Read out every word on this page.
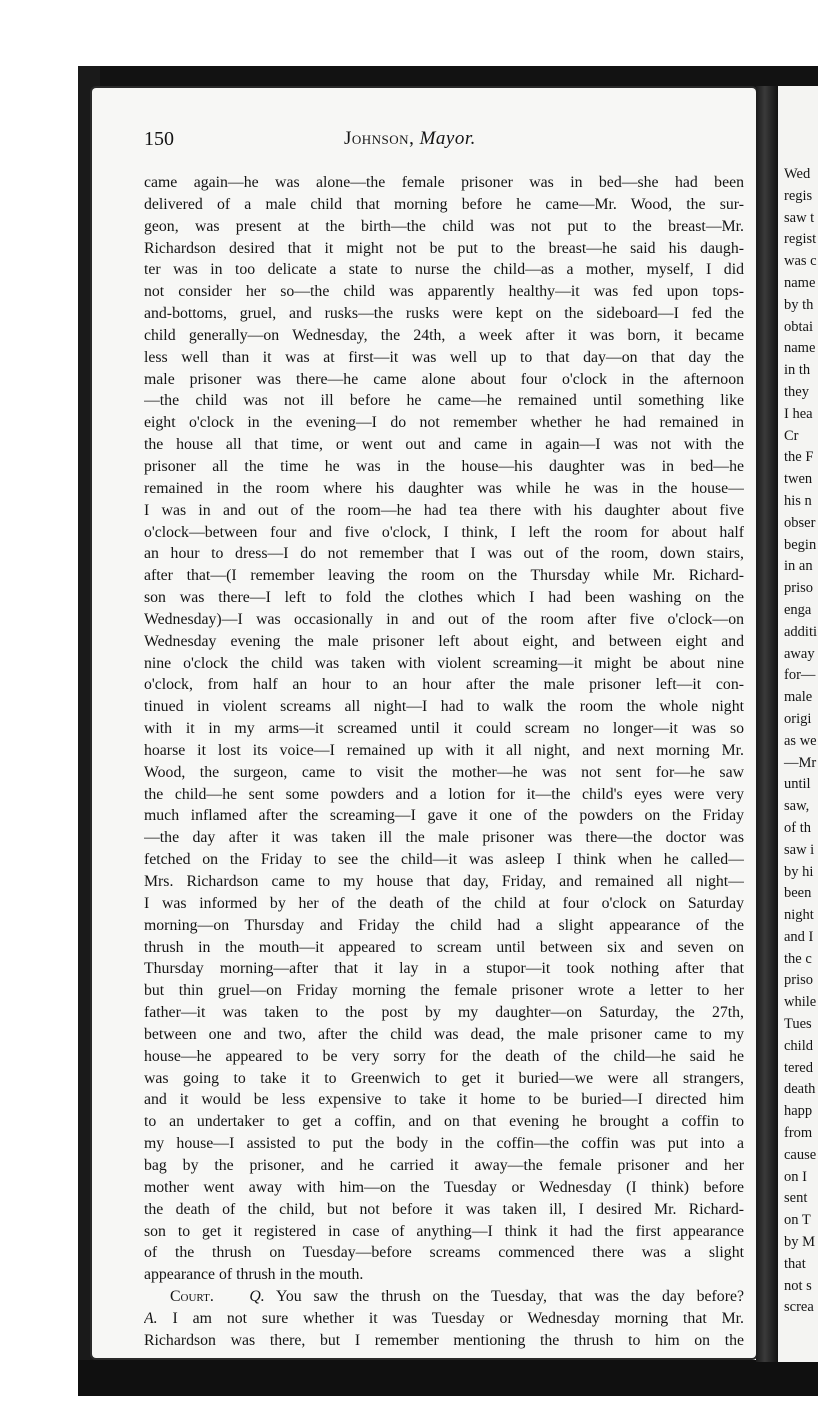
Wed
regis
saw t
regist
was c
name
by th
obtai
name
in th
they
I hea
Cr
the F
twen
his n
obser
begin
in an
priso
enga
additi
away
for—
male
origi
as we
—Mr
until
saw,
of th
saw i
by hi
been
night
and I
the c
priso
while
Tues
child
tered
death
happ
from
cause
on I
sent
on T
by M
that
not s
screa
150	Johnson, Mayor.
came again—he was alone—the female prisoner was in bed—she had been
delivered of a male child that morning before he came—Mr. Wood, the sur-
geon, was present at the birth—the child was not put to the breast—Mr.
Richardson desired that it might not be put to the breast—he said his daugh-
ter was in too delicate a state to nurse the child—as a mother, myself, I did
not consider her so—the child was apparently healthy—it was fed upon tops-
and-bottoms, gruel, and rusks—the rusks were kept on the sideboard—I fed the
child generally—on Wednesday, the 24th, a week after it was born, it became
less well than it was at first—it was well up to that day—on that day the
male prisoner was there—he came alone about four o'clock in the afternoon
—the child was not ill before he came—he remained until something like
eight o'clock in the evening—I do not remember whether he had remained in
the house all that time, or went out and came in again—I was not with the
prisoner all the time he was in the house—his daughter was in bed—he
remained in the room where his daughter was while he was in the house—
I was in and out of the room—he had tea there with his daughter about five
o'clock—between four and five o'clock, I think, I left the room for about half
an hour to dress—I do not remember that I was out of the room, down stairs,
after that—(I remember leaving the room on the Thursday while Mr. Richard-
son was there—I left to fold the clothes which I had been washing on the
Wednesday)—I was occasionally in and out of the room after five o'clock—on
Wednesday evening the male prisoner left about eight, and between eight and
nine o'clock the child was taken with violent screaming—it might be about nine
o'clock, from half an hour to an hour after the male prisoner left—it con-
tinued in violent screams all night—I had to walk the room the whole night
with it in my arms—it screamed until it could scream no longer—it was so
hoarse it lost its voice—I remained up with it all night, and next morning Mr.
Wood, the surgeon, came to visit the mother—he was not sent for—he saw
the child—he sent some powders and a lotion for it—the child's eyes were very
much inflamed after the screaming—I gave it one of the powders on the Friday
—the day after it was taken ill the male prisoner was there—the doctor was
fetched on the Friday to see the child—it was asleep I think when he called—
Mrs. Richardson came to my house that day, Friday, and remained all night—
I was informed by her of the death of the child at four o'clock on Saturday
morning—on Thursday and Friday the child had a slight appearance of the
thrush in the mouth—it appeared to scream until between six and seven on
Thursday morning—after that it lay in a stupor—it took nothing after that
but thin gruel—on Friday morning the female prisoner wrote a letter to her
father—it was taken to the post by my daughter—on Saturday, the 27th,
between one and two, after the child was dead, the male prisoner came to my
house—he appeared to be very sorry for the death of the child—he said he
was going to take it to Greenwich to get it buried—we were all strangers,
and it would be less expensive to take it home to be buried—I directed him
to an undertaker to get a coffin, and on that evening he brought a coffin to
my house—I assisted to put the body in the coffin—the coffin was put into a
bag by the prisoner, and he carried it away—the female prisoner and her
mother went away with him—on the Tuesday or Wednesday (I think) before
the death of the child, but not before it was taken ill, I desired Mr. Richard-
son to get it registered in case of anything—I think it had the first appearance
of the thrush on Tuesday—before screams commenced there was a slight
appearance of thrush in the mouth.
Court. Q. You saw the thrush on the Tuesday, that was the day before?
A. I am not sure whether it was Tuesday or Wednesday morning that Mr.
Richardson was there, but I remember mentioning the thrush to him on the
